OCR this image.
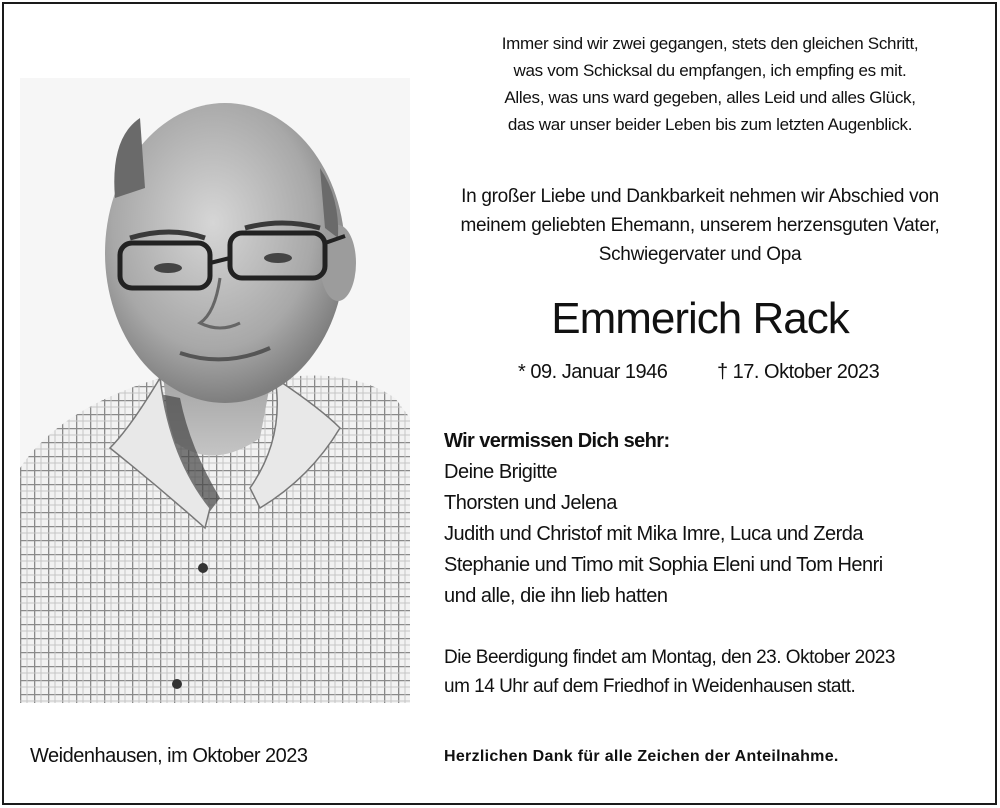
Immer sind wir zwei gegangen, stets den gleichen Schritt,
was vom Schicksal du empfangen, ich empfing es mit.
Alles, was uns ward gegeben, alles Leid und alles Glück,
das war unser beider Leben bis zum letzten Augenblick.
In großer Liebe und Dankbarkeit nehmen wir Abschied von
meinem geliebten Ehemann, unserem herzensguten Vater,
Schwiegervater und Opa
Emmerich Rack
* 09. Januar 1946 † 17. Oktober 2023
Wir vermissen Dich sehr:
Deine Brigitte
Thorsten und Jelena
Judith und Christof mit Mika Imre, Luca und Zerda
Stephanie und Timo mit Sophia Eleni und Tom Henri
und alle, die ihn lieb hatten
Die Beerdigung findet am Montag, den 23. Oktober 2023
um 14 Uhr auf dem Friedhof in Weidenhausen statt.
Weidenhausen, im Oktober 2023	Herzlichen Dank für alle Zeichen der Anteilnahme.
